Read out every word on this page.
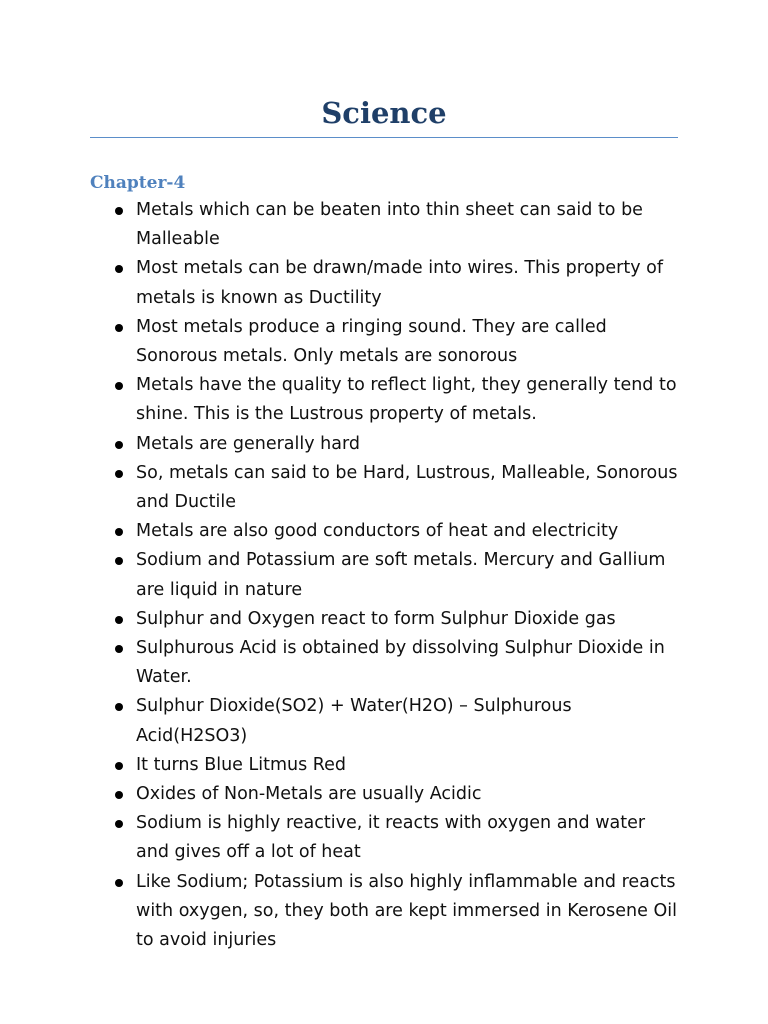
Science
Chapter-4
Metals which can be beaten into thin sheet can said to be Malleable
Most metals can be drawn/made into wires. This property of metals is known as Ductility
Most metals produce a ringing sound. They are called Sonorous metals. Only metals are sonorous
Metals have the quality to reflect light, they generally tend to shine. This is the Lustrous property of metals.
Metals are generally hard
So, metals can said to be Hard, Lustrous, Malleable, Sonorous and Ductile
Metals are also good conductors of heat and electricity
Sodium and Potassium are soft metals. Mercury and Gallium are liquid in nature
Sulphur and Oxygen react to form Sulphur Dioxide gas
Sulphurous Acid is obtained by dissolving Sulphur Dioxide in Water.
Sulphur Dioxide(SO2) + Water(H2O) – Sulphurous Acid(H2SO3)
It turns Blue Litmus Red
Oxides of Non-Metals are usually Acidic
Sodium is highly reactive, it reacts with oxygen and water and gives off a lot of heat
Like Sodium; Potassium is also highly inflammable and reacts with oxygen, so, they both are kept immersed in Kerosene Oil to avoid injuries
